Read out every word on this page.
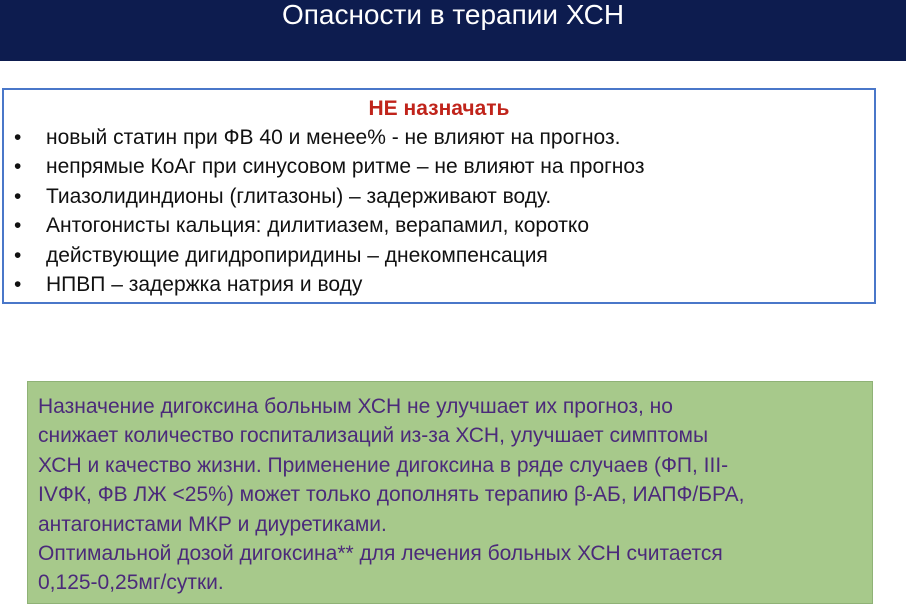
Опасности в терапии ХСН
НЕ назначать
•	новый статин при ФВ 40 и менее% - не влияют на прогноз.
•	непрямые КоАг при синусовом ритме – не влияют на прогноз
•	Тиазолидиндионы (глитазоны) – задерживают воду.
•	Антогонисты кальция: дилитиазем, верапамил, коротко
•	действующие дигидропиридины – днекомпенсация
•	НПВП – задержка натрия и воду
Назначение дигоксина больным ХСН не улучшает их прогноз, но
снижает количество госпитализаций из-за ХСН, улучшает симптомы
ХСН и качество жизни. Применение дигоксина в ряде случаев (ФП, III-
IVФК, ФВ ЛЖ <25%) может только дополнять терапию β-АБ, ИАПФ/БРА,
антагонистами МКР и диуретиками.
Оптимальной дозой дигоксина** для лечения больных ХСН считается
0,125-0,25мг/сутки.
